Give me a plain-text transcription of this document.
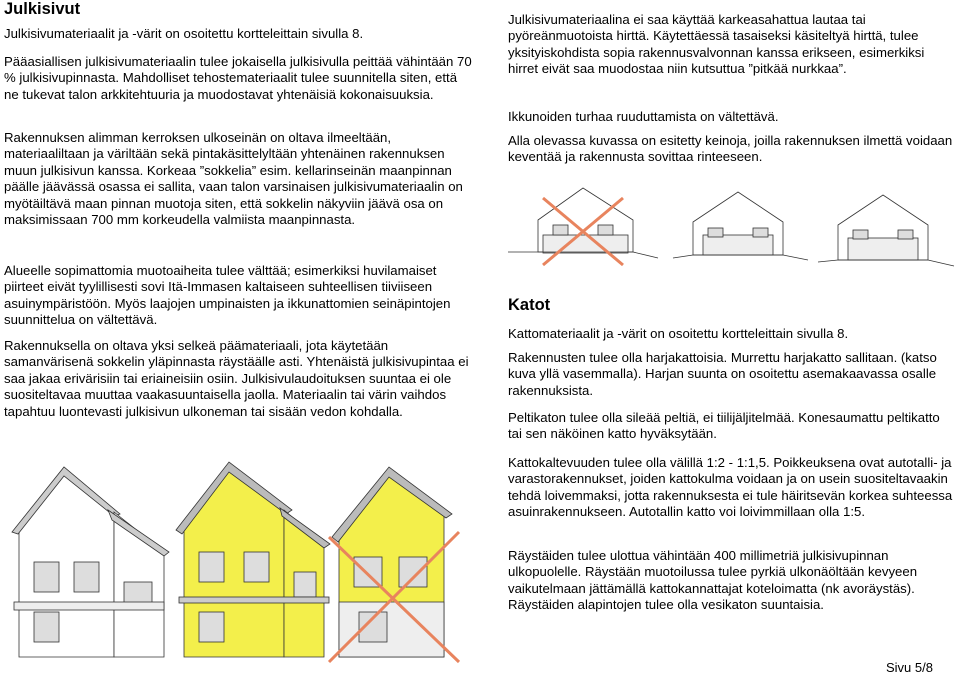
Julkisivut

Julkisivumateriaalit ja -värit on osoitettu kortteleittain sivulla 8.

Pääasiallisen julkisivumateriaalin tulee jokaisella julkisivulla peittää vähintään 70 % julkisivupinnasta. Mahdolliset tehostemateriaalit tulee suunnitella siten, että ne tukevat talon arkkitehtuuria ja muodostavat yhtenäisiä kokonaisuuksia.

Rakennuksen alimman kerroksen ulkoseinän on oltava ilmeeltään, materiaaliltaan ja väriltään sekä pintakäsittelyltään yhtenäinen rakennuksen muun julkisivun kanssa. Korkeaa ”sokkelia” esim. kellarinseinän maanpinnan päälle jäävässä osassa ei sallita, vaan talon varsinaisen julkisivumateriaalin on myötäiltävä maan pinnan muotoja siten, että sokkelin näkyviin jäävä osa on maksimissaan 700 mm korkeudella valmiista maanpinnasta.

Alueelle sopimattomia muotoaiheita tulee välttää; esimerkiksi huvilamaiset piirteet eivät tyylillisesti sovi Itä-Immasen kaltaiseen suhteellisen tiiviiseen asuinympäristöön. Myös laajojen umpinaisten ja ikkunattomien seinäpintojen suunnittelua on vältettävä.

Rakennuksella on oltava yksi selkeä päämateriaali, jota käytetään samanvärisenä sokkelin yläpinnasta räystäälle asti. Yhtenäistä julkisivupintaa ei saa jakaa erivärisiin tai eriaineisiin osiin. Julkisivulaudoituksen suuntaa ei ole suositeltavaa muuttaa vaakasuuntaisella jaolla. Materiaalin tai värin vaihdos tapahtuu luontevasti julkisivun ulkoneman tai sisään vedon kohdalla.

Julkisivumateriaalina ei saa käyttää karkeasahattua lautaa tai pyöreänmuotoista hirttä. Käytettäessä tasaiseksi käsiteltyä hirttä, tulee yksityiskohdista sopia rakennusvalvonnan kanssa erikseen, esimerkiksi hirret eivät saa muodostaa niin kutsuttua ”pitkää nurkkaa”.

Ikkunoiden turhaa ruuduttamista on vältettävä.

Alla olevassa kuvassa on esitetty keinoja, joilla rakennuksen ilmettä voidaan keventää ja rakennusta sovittaa rinteeseen.

Katot

Kattomateriaalit ja -värit on osoitettu kortteleittain sivulla 8.

Rakennusten tulee olla harjakattoisia. Murrettu harjakatto sallitaan. (katso kuva yllä vasemmalla). Harjan suunta on osoitettu asemakaavassa osalle rakennuksista.

Peltikaton tulee olla sileää peltiä, ei tiilijäljitelmää. Konesaumattu peltikatto tai sen näköinen katto hyväksytään.

Kattokaltevuuden tulee olla välillä 1:2 - 1:1,5. Poikkeuksena ovat autotalli- ja varastorakennukset, joiden kattokulma voidaan ja on usein suositeltavaakin tehdä loivemmaksi, jotta rakennuksesta ei tule häiritsevän korkea suhteessa asuinrakennukseen. Autotallin katto voi loivimmillaan olla 1:5.

Räystäiden tulee ulottua vähintään 400 millimetriä julkisivupinnan ulkopuolelle. Räystään muotoilussa tulee pyrkiä ulkonäöltään kevyeen vaikutelmaan jättämällä kattokannattajat koteloimatta (nk avoräystäs). Räystäiden alapintojen tulee olla vesikaton suuntaisia.

Sivu 5/8
